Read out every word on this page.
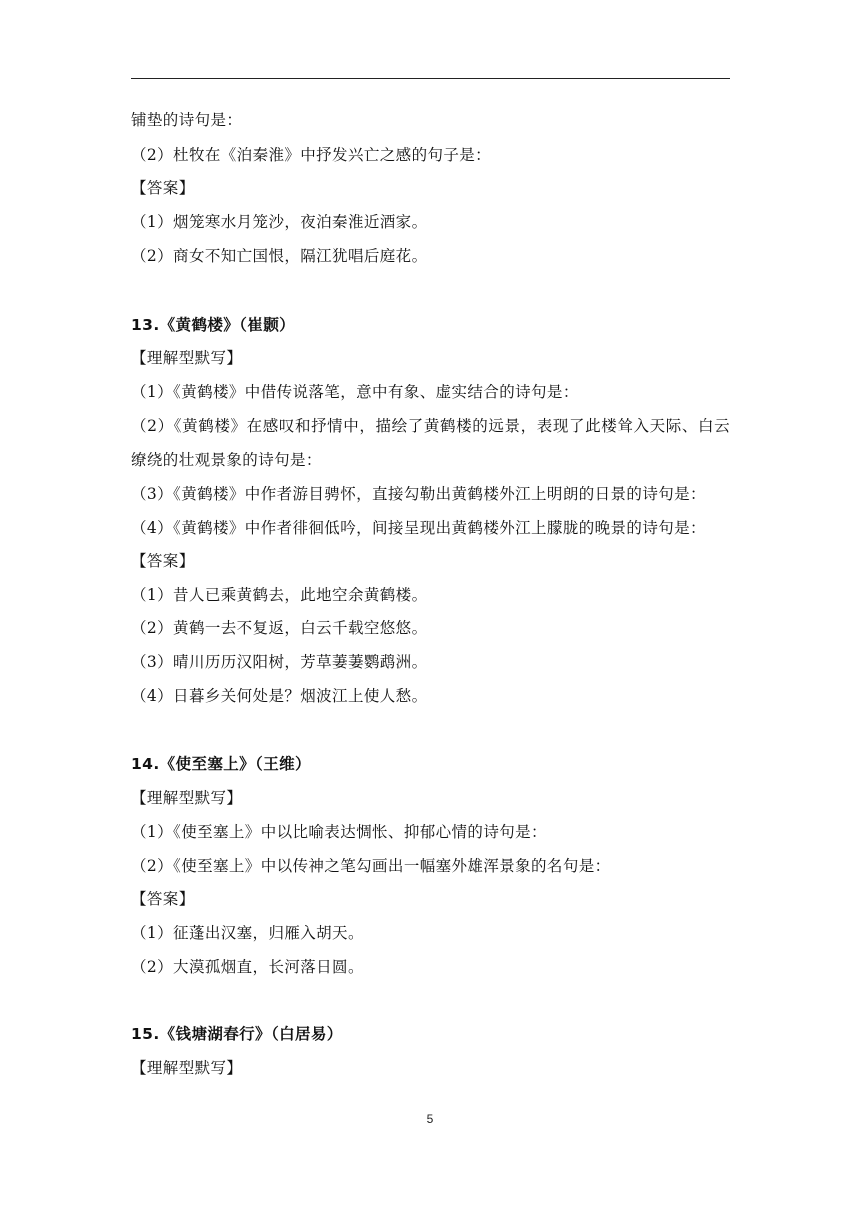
铺垫的诗句是：
（2）杜牧在《泊秦淮》中抒发兴亡之感的句子是：
【答案】
（1）烟笼寒水月笼沙，夜泊秦淮近酒家。
（2）商女不知亡国恨，隔江犹唱后庭花。
13.《黄鹤楼》（崔颢）
【理解型默写】
（1）《黄鹤楼》中借传说落笔，意中有象、虚实结合的诗句是：
（2）《黄鹤楼》在感叹和抒情中，描绘了黄鹤楼的远景，表现了此楼耸入天际、白云缭绕的壮观景象的诗句是：
（3）《黄鹤楼》中作者游目骋怀，直接勾勒出黄鹤楼外江上明朗的日景的诗句是：
（4）《黄鹤楼》中作者徘徊低吟，间接呈现出黄鹤楼外江上朦胧的晚景的诗句是：
【答案】
（1）昔人已乘黄鹤去，此地空余黄鹤楼。
（2）黄鹤一去不复返，白云千载空悠悠。
（3）晴川历历汉阳树，芳草萋萋鹦鹉洲。
（4）日暮乡关何处是？烟波江上使人愁。
14.《使至塞上》（王维）
【理解型默写】
（1）《使至塞上》中以比喻表达惆怅、抑郁心情的诗句是：
（2）《使至塞上》中以传神之笔勾画出一幅塞外雄浑景象的名句是：
【答案】
（1）征蓬出汉塞，归雁入胡天。
（2）大漠孤烟直，长河落日圆。
15.《钱塘湖春行》（白居易）
【理解型默写】
5
